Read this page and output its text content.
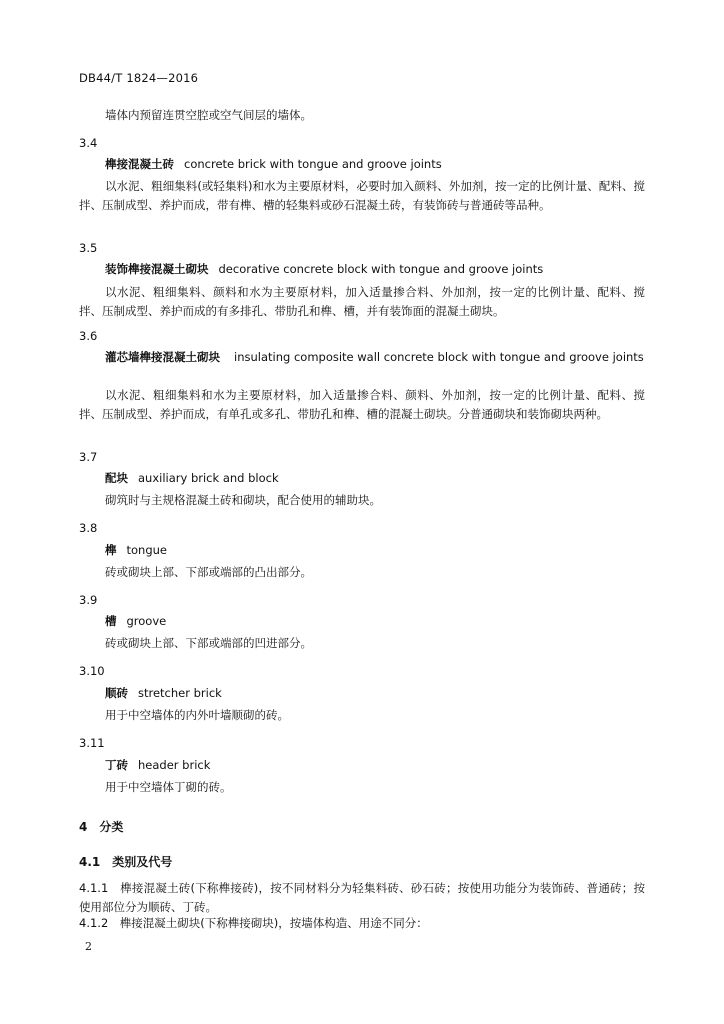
DB44/T 1824—2016
墙体内预留连贯空腔或空气间层的墙体。
3.4
榫接混凝土砖 concrete brick with tongue and groove joints
以水泥、粗细集料(或轻集料)和水为主要原材料，必要时加入颜料、外加剂，按一定的比例计量、配料、搅拌、压制成型、养护而成，带有榫、槽的轻集料或砂石混凝土砖，有装饰砖与普通砖等品种。
3.5
装饰榫接混凝土砌块 decorative concrete block with tongue and groove joints
以水泥、粗细集料、颜料和水为主要原材料，加入适量掺合料、外加剂，按一定的比例计量、配料、搅拌、压制成型、养护而成的有多排孔、带肋孔和榫、槽，并有装饰面的混凝土砌块。
3.6
灌芯墙榫接混凝土砌块 insulating composite wall concrete block with tongue and groove joints
以水泥、粗细集料和水为主要原材料，加入适量掺合料、颜料、外加剂，按一定的比例计量、配料、搅拌、压制成型、养护而成，有单孔或多孔、带肋孔和榫、槽的混凝土砌块。分普通砌块和装饰砌块两种。
3.7
配块 auxiliary brick and block
砌筑时与主规格混凝土砖和砌块，配合使用的辅助块。
3.8
榫 tongue
砖或砌块上部、下部或端部的凸出部分。
3.9
槽 groove
砖或砌块上部、下部或端部的凹进部分。
3.10
顺砖 stretcher brick
用于中空墙体的内外叶墙顺砌的砖。
3.11
丁砖 header brick
用于中空墙体丁砌的砖。
4　分类
4.1　类别及代号
4.1.1　榫接混凝土砖(下称榫接砖)，按不同材料分为轻集料砖、砂石砖；按使用功能分为装饰砖、普通砖；按使用部位分为顺砖、丁砖。
4.1.2　榫接混凝土砌块(下称榫接砌块)，按墙体构造、用途不同分：
2
